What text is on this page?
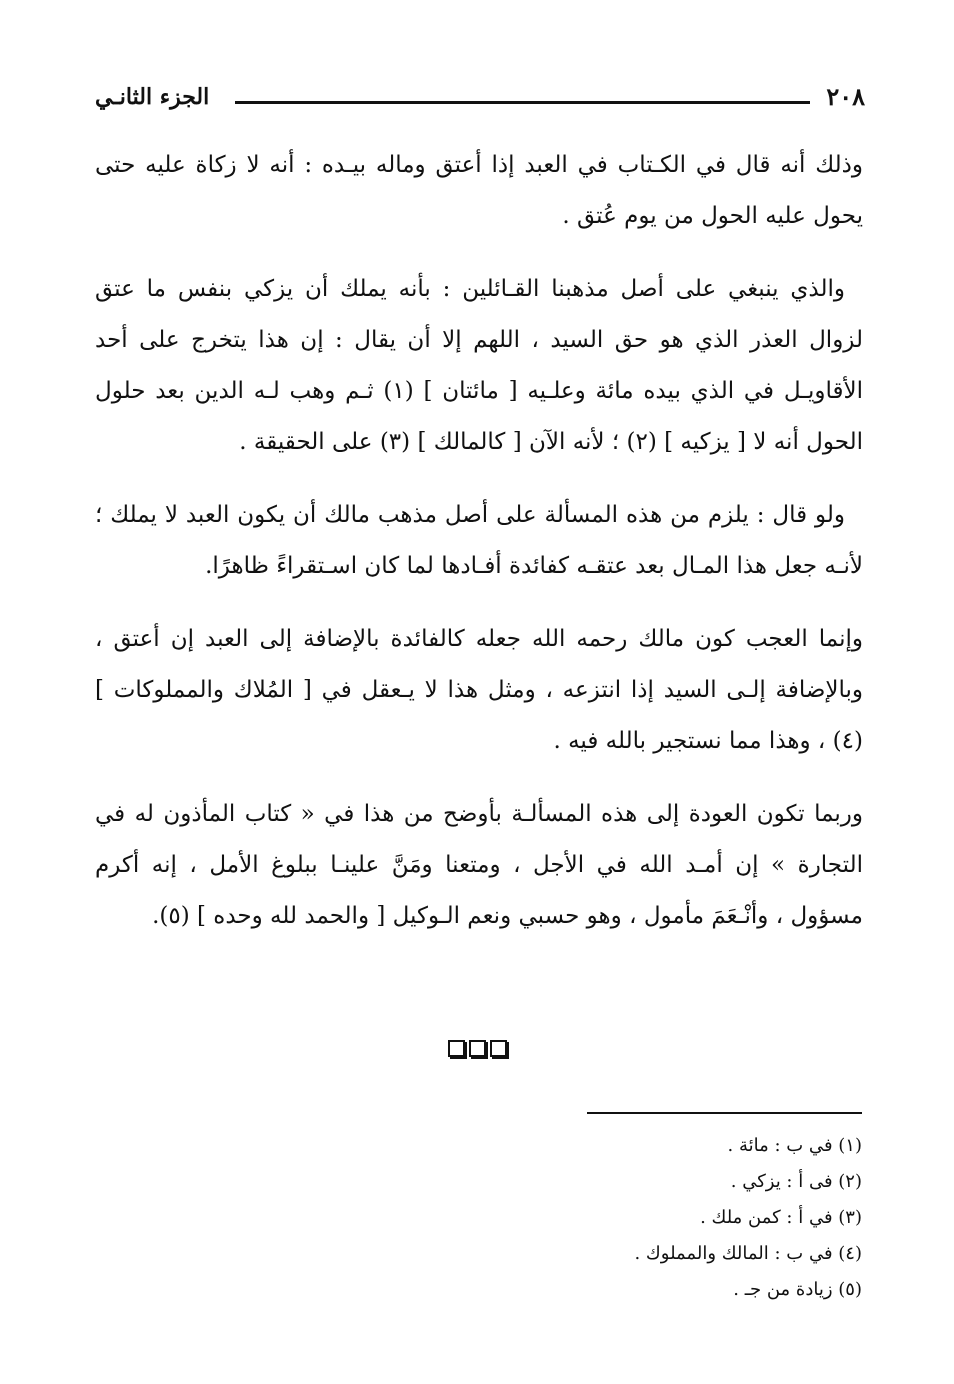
٢٠٨
الجزء الثانـي

وذلك أنه قال في الكـتاب في العبد إذا أعتق وماله بيـده : أنه لا زكاة عليه حتى يحول عليه الحول من يوم عُتق .

والذي ينبغي على أصل مذهبنا القـائلين : بأنه يملك أن يزكي بنفس ما عتق لزوال العذر الذي هو حق السيد ، اللهم إلا أن يقال : إن هذا يتخرج على أحد الأقاويـل في الذي بيده مائة وعلـيه [ مائتان ] (١) ثـم وهب لـه الدين بعد حلول الحول أنه لا [ يزكيه ] (٢) ؛ لأنه الآن [ كالمالك ] (٣) على الحقيقة .

ولو قال : يلزم من هذه المسألة على أصل مذهب مالك أن يكون العبد لا يملك ؛ لأنـه جعل هذا المـال بعد عتقـه كفائدة أفـادها لما كان اسـتقراءً ظاهرًا.

وإنما العجب كون مالك رحمه الله جعله كالفائدة بالإضافة إلى العبد إن أعتق ، وبالإضافة إلـى السيد إذا انتزعه ، ومثل هذا لا يـعقل في [ المُلاك والمملوكات ] (٤) ، وهذا مما نستجير بالله فيه .

وربما تكون العودة إلى هذه المسألـة بأوضح من هذا في « كتاب المأذون له في التجارة » إن أمـد الله في الأجل ، ومتعنا ومَنَّ علينـا ببلوغ الأمل ، إنه أكرم مسؤول ، وأنْـعَمَ مأمول ، وهو حسبي ونعم الـوكيل [ والحمد لله وحده ] (٥).

(١) في ب : مائة .
(٢) فى أ : يزكي .
(٣) في أ : كمن ملك .
(٤) في ب : المالك والمملوك .
(٥) زيادة من جـ .
